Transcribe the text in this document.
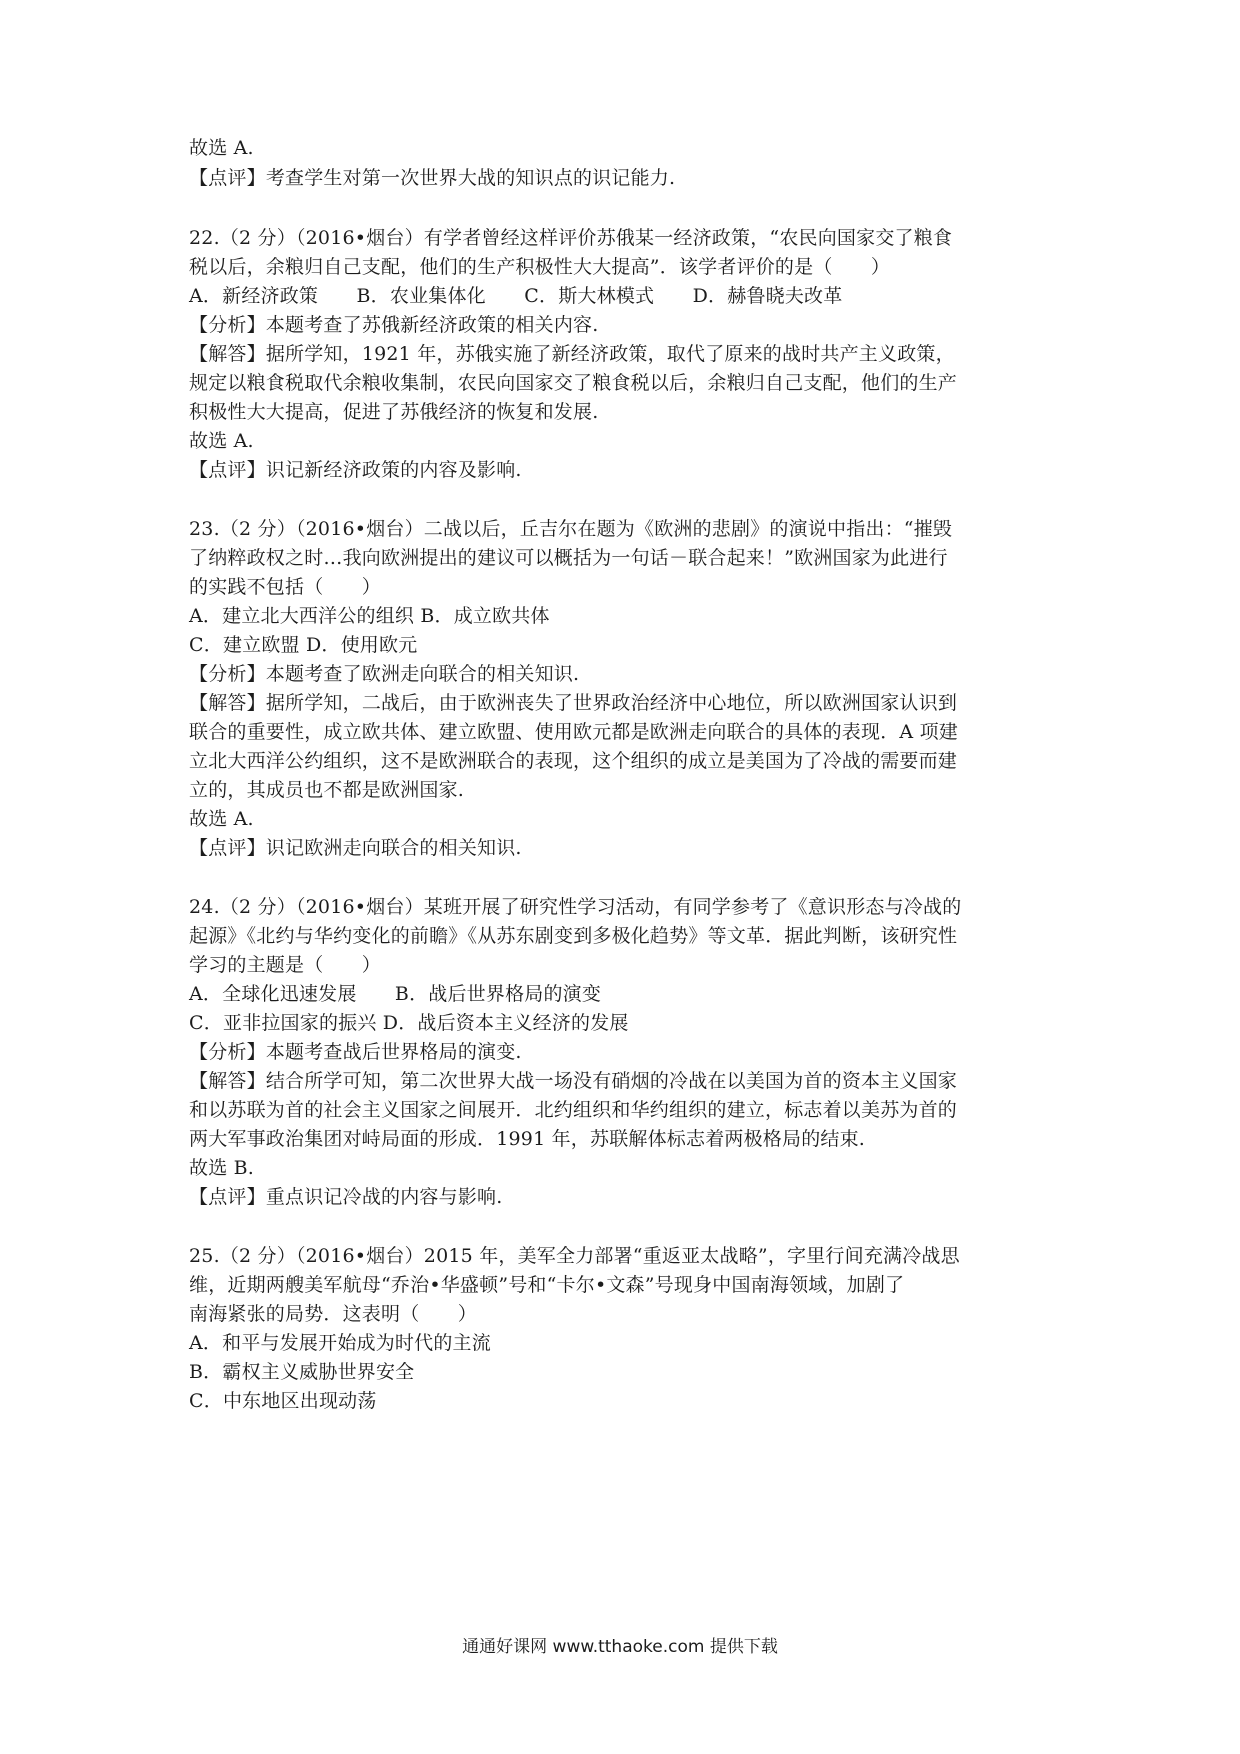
故选 A.
【点评】考查学生对第一次世界大战的知识点的识记能力.
22.（2 分）（2016•烟台）有学者曾经这样评价苏俄某一经济政策，“农民向国家交了粮食
税以后，余粮归自己支配，他们的生产积极性大大提高”．该学者评价的是（　　）
A．新经济政策　　B．农业集体化　　C．斯大林模式　　D．赫鲁晓夫改革
【分析】本题考查了苏俄新经济政策的相关内容.
【解答】据所学知，1921 年，苏俄实施了新经济政策，取代了原来的战时共产主义政策，
规定以粮食税取代余粮收集制，农民向国家交了粮食税以后，余粮归自己支配，他们的生产
积极性大大提高，促进了苏俄经济的恢复和发展.
故选 A.
【点评】识记新经济政策的内容及影响.
23.（2 分）（2016•烟台）二战以后，丘吉尔在题为《欧洲的悲剧》的演说中指出：“摧毁
了纳粹政权之时…我向欧洲提出的建议可以概括为一句话－联合起来！”欧洲国家为此进行
的实践不包括（　　）
A．建立北大西洋公的组织 B．成立欧共体
C．建立欧盟 D．使用欧元
【分析】本题考查了欧洲走向联合的相关知识.
【解答】据所学知，二战后，由于欧洲丧失了世界政治经济中心地位，所以欧洲国家认识到
联合的重要性，成立欧共体、建立欧盟、使用欧元都是欧洲走向联合的具体的表现．A 项建
立北大西洋公约组织，这不是欧洲联合的表现，这个组织的成立是美国为了冷战的需要而建
立的，其成员也不都是欧洲国家.
故选 A.
【点评】识记欧洲走向联合的相关知识.
24.（2 分）（2016•烟台）某班开展了研究性学习活动，有同学参考了《意识形态与冷战的
起源》《北约与华约变化的前瞻》《从苏东剧变到多极化趋势》等文革．据此判断，该研究性
学习的主题是（　　）
A．全球化迅速发展　　B．战后世界格局的演变
C．亚非拉国家的振兴 D．战后资本主义经济的发展
【分析】本题考查战后世界格局的演变.
【解答】结合所学可知，第二次世界大战一场没有硝烟的冷战在以美国为首的资本主义国家
和以苏联为首的社会主义国家之间展开．北约组织和华约组织的建立，标志着以美苏为首的
两大军事政治集团对峙局面的形成．1991 年，苏联解体标志着两极格局的结束.
故选 B.
【点评】重点识记冷战的内容与影响.
25.（2 分）（2016•烟台）2015 年，美军全力部署“重返亚太战略”，字里行间充满冷战思
维，近期两艘美军航母“乔治•华盛顿”号和“卡尔•文森”号现身中国南海领域，加剧了
南海紧张的局势．这表明（　　）
A．和平与发展开始成为时代的主流
B．霸权主义威胁世界安全
C．中东地区出现动荡
通通好课网 www.tthaoke.com 提供下载
